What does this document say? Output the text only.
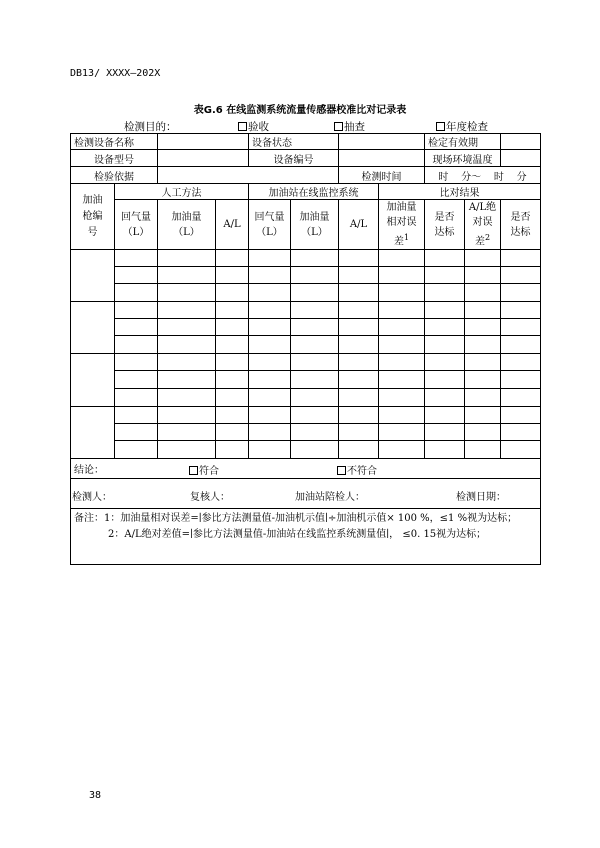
DB13/ XXXX—202X
表G.6 在线监测系统流量传感器校准比对记录表
检测目的：	验收	抽查	年度检查
检测设备名称				设备状态				检定有效期		
设备型号				设备编号				现场环境温度		
检验依据						检测时间		时    分～    时    分		

加油枪编号	人工方法			加油站在线监控系统			比对结果			
	回气量（L）	加油量（L）	A/L	回气量（L）	加油量（L）	A/L	加油量相对误差$^1$	是否达标	A/L绝对误差$^2$	是否达标

结论： 符合 不符合										

检测人： 复核人： 加油站陪检人： 检测日期：										

备注：1：加油量相对误差=∣参比方法测量值-加油机示值∣÷加油机示值× 100 %，≤1 %视为达标；
2：A/L绝对差值=∣参比方法测量值-加油站在线监控系统测量值∣， ≤0. 15视为达标；										
38
